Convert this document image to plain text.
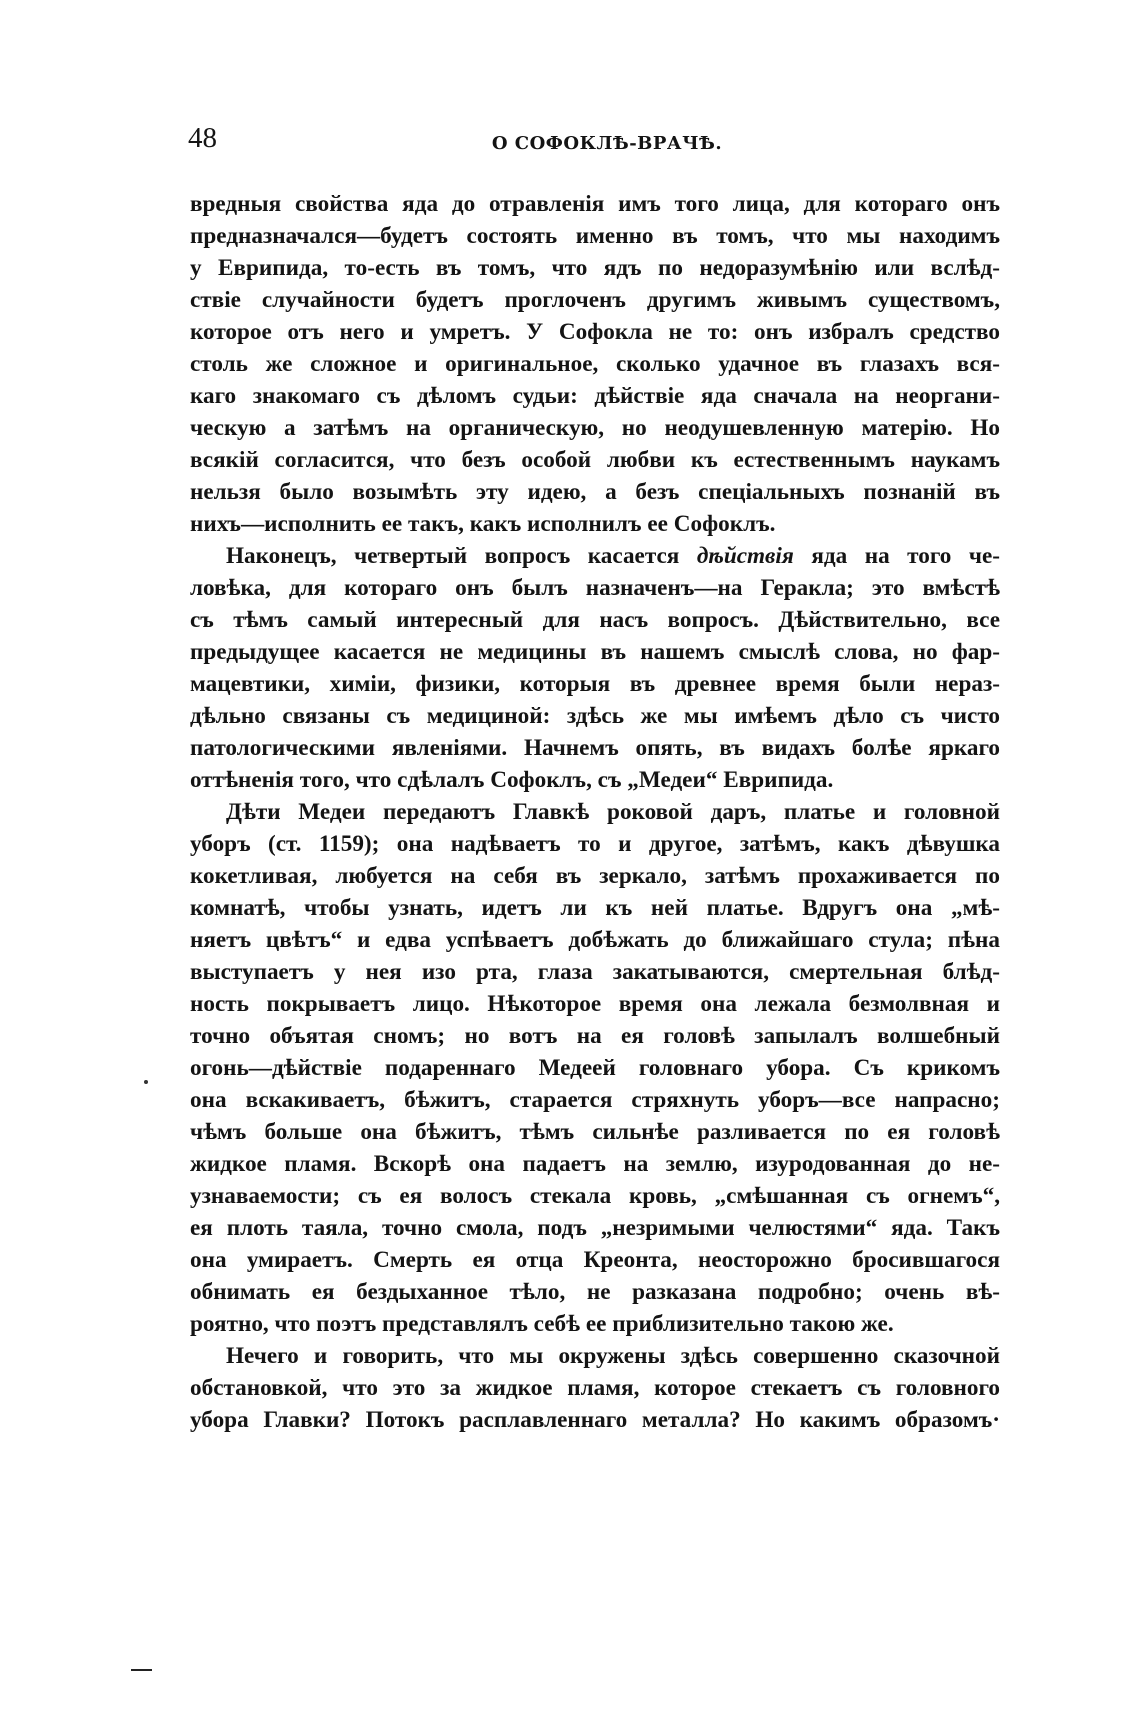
48	О СОФОКЛѢ-ВРАЧѢ.
вредныя свойства яда до отравленія имъ того лица, для котораго онъ
предназначался—будетъ состоять именно въ томъ, что мы находимъ
у Еврипида, то-есть въ томъ, что ядъ по недоразумѣнію или вслѣд-
ствіе случайности будетъ проглоченъ другимъ живымъ существомъ,
которое отъ него и умретъ. У Софокла не то: онъ избралъ средство
столь же сложное и оригинальное, сколько удачное въ глазахъ вся-
каго знакомаго съ дѣломъ судьи: дѣйствіе яда сначала на неоргани-
ческую а затѣмъ на органическую, но неодушевленную матерію. Но
всякій согласится, что безъ особой любви къ естественнымъ наукамъ
нельзя было возымѣть эту идею, а безъ спеціальныхъ познаній въ
нихъ—исполнить ее такъ, какъ исполнилъ ее Софоклъ.
Наконецъ, четвертый вопросъ касается дѣйствія яда на того че-
ловѣка, для котораго онъ былъ назначенъ—на Геракла; это вмѣстѣ
съ тѣмъ самый интересный для насъ вопросъ. Дѣйствительно, все
предыдущее касается не медицины въ нашемъ смыслѣ слова, но фар-
мацевтики, химіи, физики, которыя въ древнее время были нераз-
дѣльно связаны съ медициной: здѣсь же мы имѣемъ дѣло съ чисто
патологическими явленіями. Начнемъ опять, въ видахъ болѣе яркаго
оттѣненія того, что сдѣлалъ Софоклъ, съ „Медеи“ Еврипида.
Дѣти Медеи передаютъ Главкѣ роковой даръ, платье и головной
уборъ (ст. 1159); она надѣваетъ то и другое, затѣмъ, какъ дѣвушка
кокетливая, любуется на себя въ зеркало, затѣмъ прохаживается по
комнатѣ, чтобы узнать, идетъ ли къ ней платье. Вдругъ она „мѣ-
няетъ цвѣтъ“ и едва успѣваетъ добѣжать до ближайшаго стула; пѣна
выступаетъ у нея изо рта, глаза закатываются, смертельная блѣд-
ность покрываетъ лицо. Нѣкоторое время она лежала безмолвная и
точно объятая сномъ; но вотъ на ея головѣ запылалъ волшебный
огонь—дѣйствіе подареннаго Медеей головнаго убора. Съ крикомъ
она вскакиваетъ, бѣжитъ, старается стряхнуть уборъ—все напрасно;
чѣмъ больше она бѣжитъ, тѣмъ сильнѣе разливается по ея головѣ
жидкое пламя. Вскорѣ она падаетъ на землю, изуродованная до не-
узнаваемости; съ ея волосъ стекала кровь, „смѣшанная съ огнемъ“,
ея плоть таяла, точно смола, подъ „незримыми челюстями“ яда. Такъ
она умираетъ. Смерть ея отца Креонта, неосторожно бросившагося
обнимать ея бездыханное тѣло, не разказана подробно; очень вѣ-
роятно, что поэтъ представлялъ себѣ ее приблизительно такою же.
Нечего и говорить, что мы окружены здѣсь совершенно сказочной
обстановкой, что это за жидкое пламя, которое стекаетъ съ головного
убора Главки? Потокъ расплавленнаго металла? Но какимъ образомъ·
